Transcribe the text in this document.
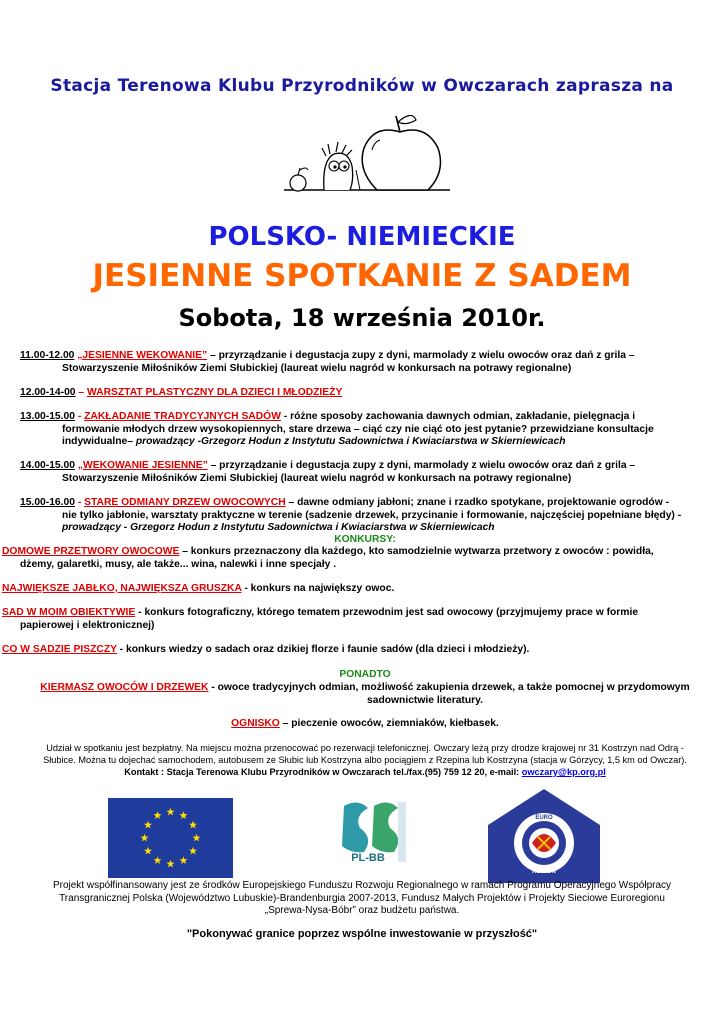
Stacja Terenowa Klubu Przyrodników w Owczarach zaprasza na
POLSKO- NIEMIECKIE
JESIENNE SPOTKANIE Z SADEM
Sobota, 18 września 2010r.

11.00-12.00 „JESIENNE WEKOWANIE” – przyrządzanie i degustacja zupy z dyni, marmolady z wielu owoców oraz dań z grila –

Stowarzyszenie Miłośników Ziemi Słubickiej (laureat wielu nagród w konkursach na potrawy regionalne)

12.00-14-00 – WARSZTAT PLASTYCZNY DLA DZIECI I MŁODZIEŻY

13.00-15.00 - ZAKŁADANIE TRADYCYJNYCH SADÓW - różne sposoby zachowania dawnych odmian, zakładanie, pielęgnacja i

formowanie młodych drzew wysokopiennych, stare drzewa – ciąć czy nie ciąć oto jest pytanie? przewidziane konsultacje

indywidualne– prowadzący -Grzegorz Hodun z Instytutu Sadownictwa i Kwiaciarstwa w Skierniewicach

14.00-15.00 „WEKOWANIE JESIENNE” – przyrządzanie i degustacja zupy z dyni, marmolady z wielu owoców oraz dań z grila –

Stowarzyszenie Miłośników Ziemi Słubickiej (laureat wielu nagród w konkursach na potrawy regionalne)

15.00-16.00 - STARE ODMIANY DRZEW OWOCOWYCH – dawne odmiany jabłoni; znane i rzadko spotykane, projektowanie ogrodów -

nie tylko jabłonie, warsztaty praktyczne w terenie (sadzenie drzewek, przycinanie i formowanie, najczęściej popełniane błędy) -

prowadzący - Grzegorz Hodun z Instytutu Sadownictwa i Kwiaciarstwa w Skierniewicach

KONKURSY:

DOMOWE PRZETWORY OWOCOWE – konkurs przeznaczony dla każdego, kto samodzielnie wytwarza przetwory z owoców : powidła,

dżemy, galaretki, musy, ale także... wina, nalewki i inne specjały .

NAJWIĘKSZE JABŁKO, NAJWIĘKSZA GRUSZKA - konkurs na największy owoc.

SAD W MOIM OBIEKTYWIE - konkurs fotograficzny, którego tematem przewodnim jest sad owocowy (przyjmujemy prace w formie

papierowej i elektronicznej)

CO W SADZIE PISZCZY - konkurs wiedzy o sadach oraz dzikiej florze i faunie sadów (dla dzieci i młodzieży).

PONADTO

KIERMASZ OWOCÓW I DRZEWEK - owoce tradycyjnych odmian, możliwość zakupienia drzewek, a także pomocnej w przydomowym

sadownictwie literatury.

OGNISKO – pieczenie owoców, ziemniaków, kiełbasek.

Udział w spotkaniu jest bezpłatny. Na miejscu można przenocować po rezerwacji telefonicznej. Owczary leżą przy drodze krajowej nr 31 Kostrzyn nad Odrą -
Słubice. Można tu dojechać samochodem, autobusem ze Słubic lub Kostrzyna albo pociągiem z Rzepina lub Kostrzyna (stacja w Górzycy, 1,5 km od Owczar).
Kontakt : Stacja Terenowa Klubu Przyrodników w Owczarach tel./fax.(95) 759 12 20, e-mail: owczary@kp.org.pl
PL-BB
EURO
REGION
Projekt współfinansowany jest ze środków Europejskiego Funduszu Rozwoju Regionalnego w ramach Programu Operacyjnego Współpracy
Transgranicznej Polska (Województwo Lubuskie)-Brandenburgia 2007-2013, Fundusz Małych Projektów i Projekty Sieciowe Euroregionu
„Sprewa-Nysa-Bóbr” oraz budżetu państwa.
"Pokonywać granice poprzez wspólne inwestowanie w przyszłość"
